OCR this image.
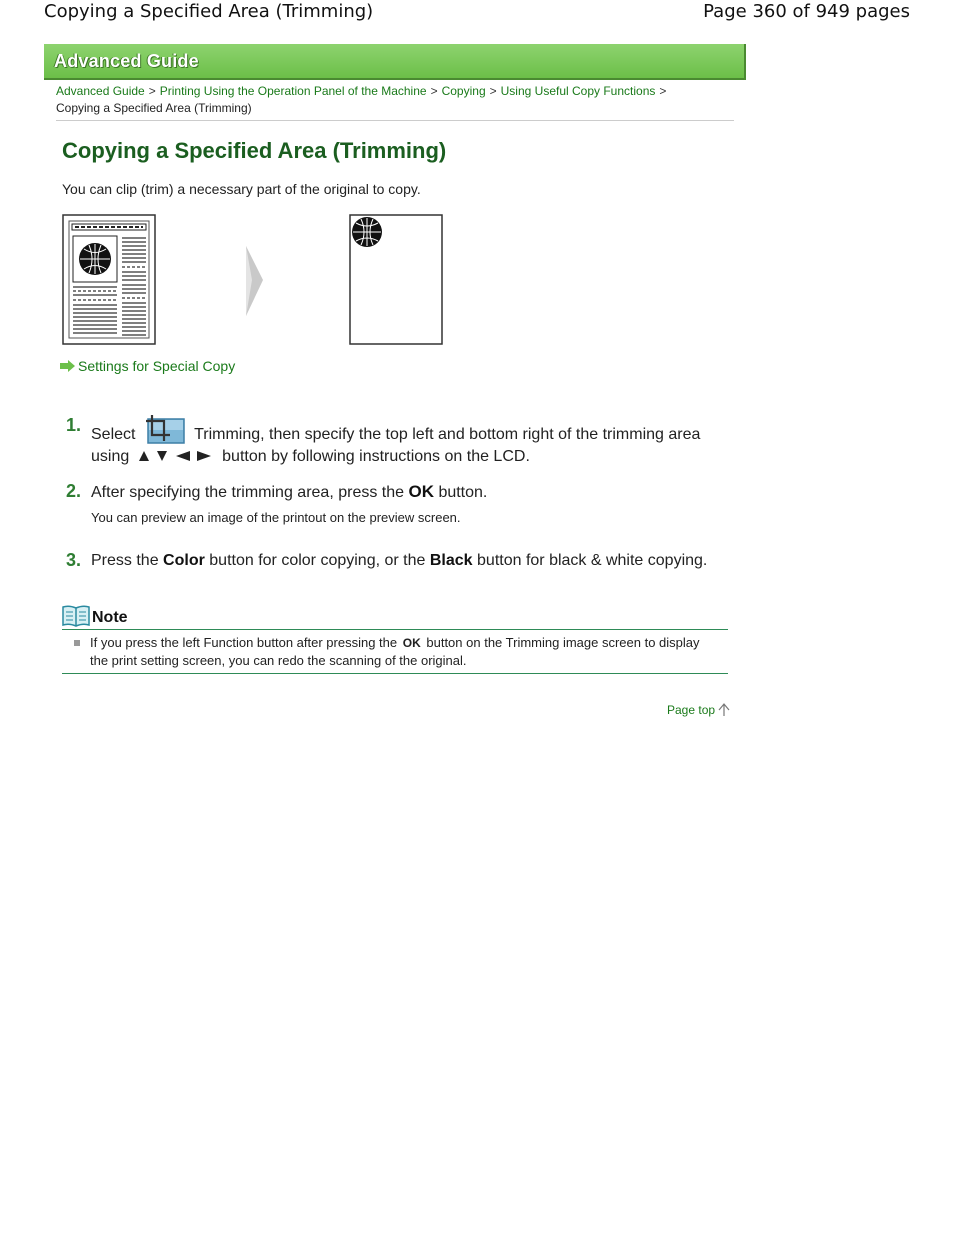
Copying a Specified Area (Trimming)	Page 360 of 949 pages
Advanced Guide
Advanced Guide > Printing Using the Operation Panel of the Machine > Copying > Using Useful Copy Functions >
Copying a Specified Area (Trimming)
Copying a Specified Area (Trimming)

You can clip (trim) a necessary part of the original to copy.

Settings for Special Copy
1. Select	Trimming, then specify the top left and bottom right of the trimming area using	button by following instructions on the LCD.
2. After specifying the trimming area, press the OK button.
You can preview an image of the printout on the preview screen.
3. Press the Color button for color copying, or the Black button for black & white copying.
Note
If you press the left Function button after pressing the OK button on the Trimming image screen to display the print setting screen, you can redo the scanning of the original.
Page top
